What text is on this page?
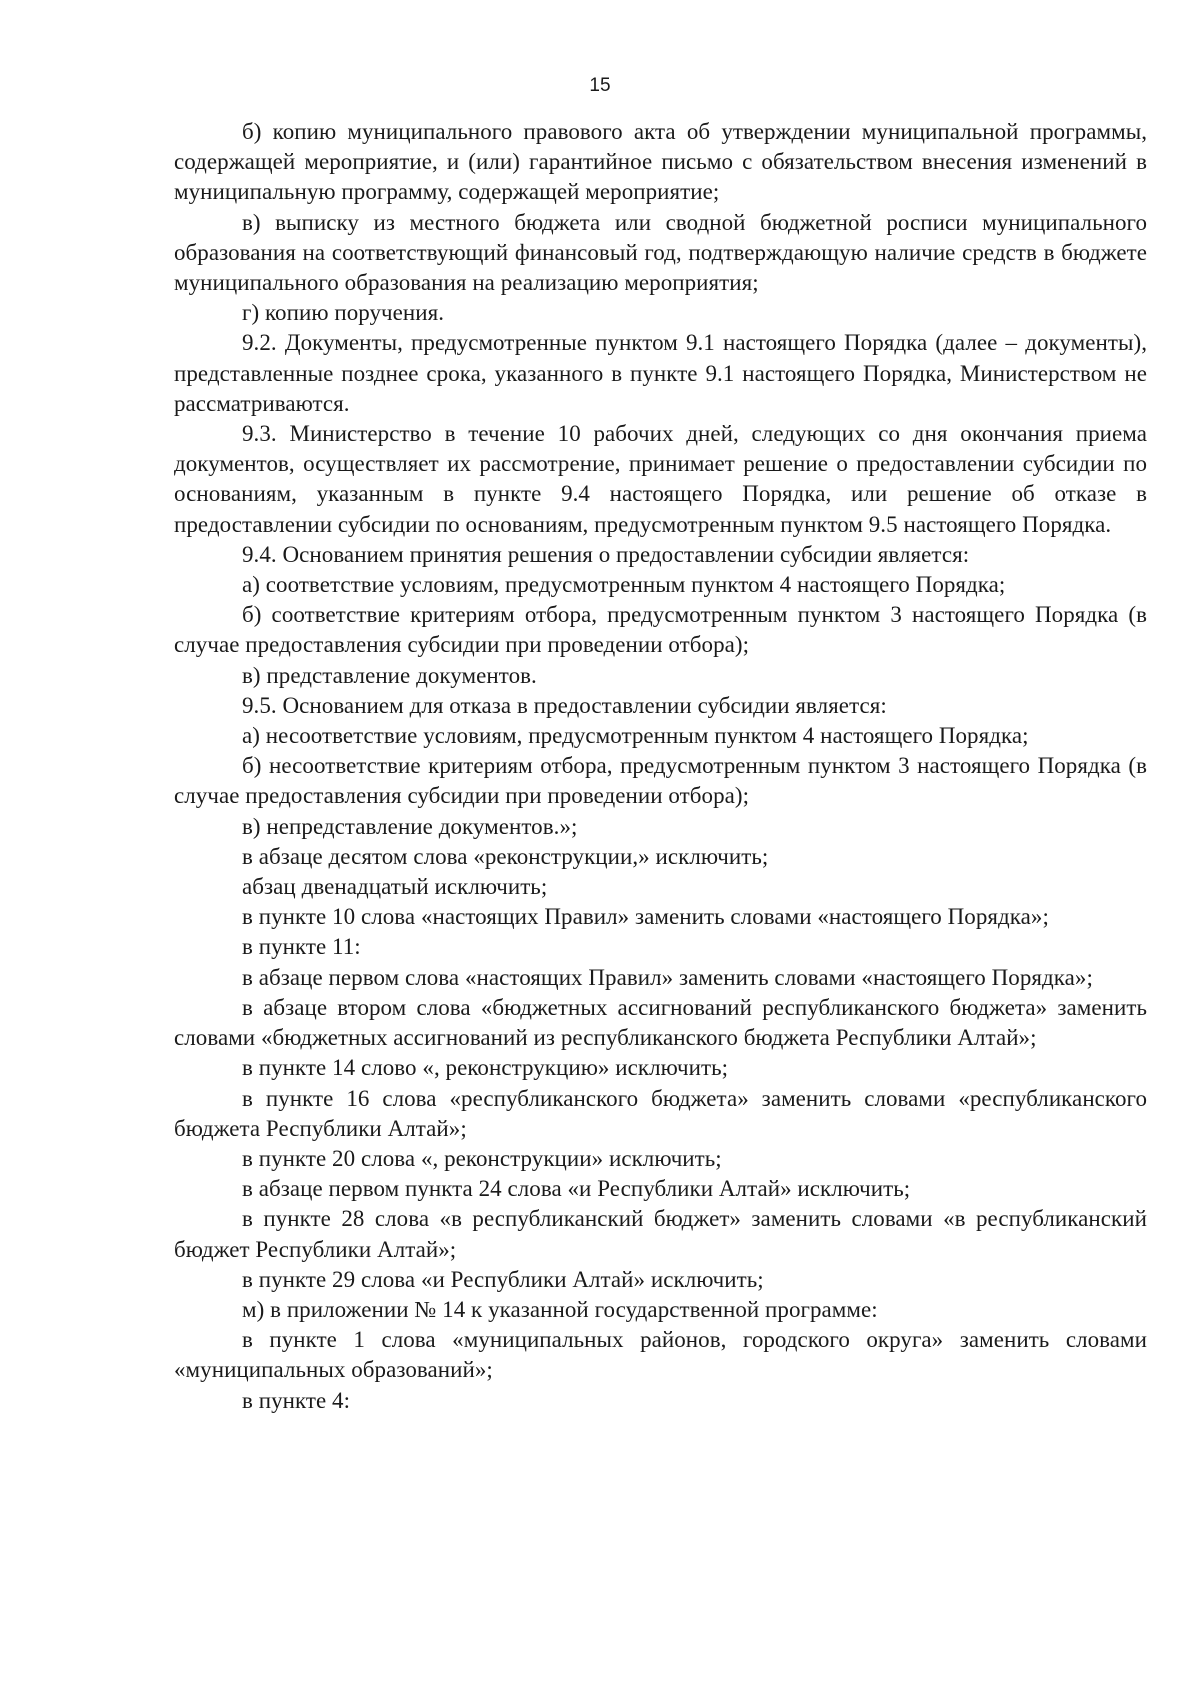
15

б) копию муниципального правового акта об утверждении муниципальной программы, содержащей мероприятие, и (или) гарантийное письмо с обязательством внесения изменений в муниципальную программу, содержащей мероприятие;

в) выписку из местного бюджета или сводной бюджетной росписи муниципального образования на соответствующий финансовый год, подтверждающую наличие средств в бюджете муниципального образования на реализацию мероприятия;

г) копию поручения.

9.2. Документы, предусмотренные пунктом 9.1 настоящего Порядка (далее – документы), представленные позднее срока, указанного в пункте 9.1 настоящего Порядка, Министерством не рассматриваются.

9.3. Министерство в течение 10 рабочих дней, следующих со дня окончания приема документов, осуществляет их рассмотрение, принимает решение о предоставлении субсидии по основаниям, указанным в пункте 9.4 настоящего Порядка, или решение об отказе в предоставлении субсидии по основаниям, предусмотренным пунктом 9.5 настоящего Порядка.

9.4. Основанием принятия решения о предоставлении субсидии является:

а) соответствие условиям, предусмотренным пунктом 4 настоящего Порядка;

б) соответствие критериям отбора, предусмотренным пунктом 3 настоящего Порядка (в случае предоставления субсидии при проведении отбора);

в) представление документов.

9.5. Основанием для отказа в предоставлении субсидии является:

а) несоответствие условиям, предусмотренным пунктом 4 настоящего Порядка;

б) несоответствие критериям отбора, предусмотренным пунктом 3 настоящего Порядка (в случае предоставления субсидии при проведении отбора);

в) непредставление документов.»;

в абзаце десятом слова «реконструкции,» исключить;

абзац двенадцатый исключить;

в пункте 10 слова «настоящих Правил» заменить словами «настоящего Порядка»;

в пункте 11:

в абзаце первом слова «настоящих Правил» заменить словами «настоящего Порядка»;

в абзаце втором слова «бюджетных ассигнований республиканского бюджета» заменить словами «бюджетных ассигнований из республиканского бюджета Республики Алтай»;

в пункте 14 слово «, реконструкцию» исключить;

в пункте 16 слова «республиканского бюджета» заменить словами «республиканского бюджета Республики Алтай»;

в пункте 20 слова «, реконструкции» исключить;

в абзаце первом пункта 24 слова «и Республики Алтай» исключить;

в пункте 28 слова «в республиканский бюджет» заменить словами «в республиканский бюджет Республики Алтай»;

в пункте 29 слова «и Республики Алтай» исключить;

м) в приложении № 14 к указанной государственной программе:

в пункте 1 слова «муниципальных районов, городского округа» заменить словами «муниципальных образований»;

в пункте 4:
